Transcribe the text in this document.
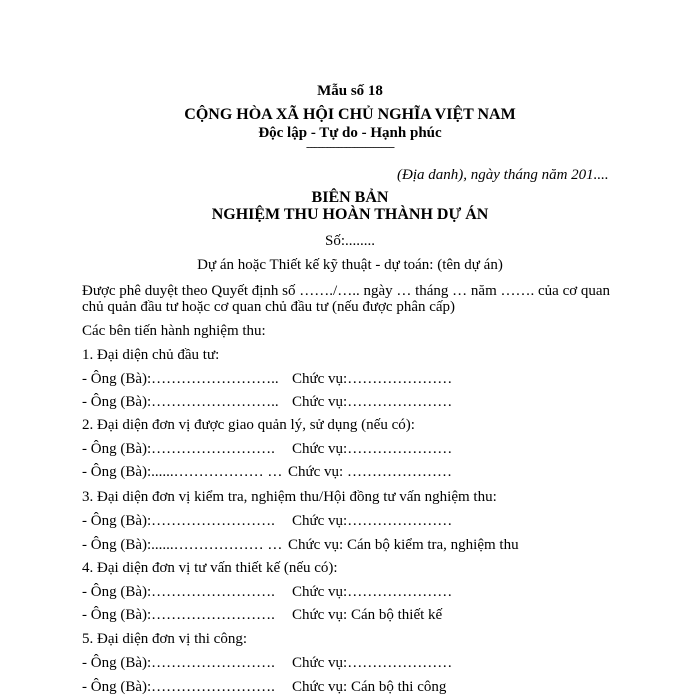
Mẫu số 18
CỘNG HÒA XÃ HỘI CHỦ NGHĨA VIỆT NAM
Độc lập - Tự do - Hạnh phúc
---------------------------------
(Địa danh), ngày tháng năm 201....
BIÊN BẢN
NGHIỆM THU HOÀN THÀNH DỰ ÁN
Số:........
Dự án hoặc Thiết kế kỹ thuật - dự toán: (tên dự án)
Được phê duyệt theo Quyết định số ……./….. ngày … tháng … năm ……. của cơ quan
chủ quản đầu tư hoặc cơ quan chủ đầu tư (nếu được phân cấp)
Các bên tiến hành nghiệm thu:
1. Đại diện chủ đầu tư:
- Ông (Bà):…………………….. Chức vụ:…………………
- Ông (Bà):…………………….. Chức vụ:…………………
2. Đại diện đơn vị được giao quản lý, sử dụng (nếu có):
- Ông (Bà):……………………. Chức vụ:…………………
- Ông (Bà):......……………… … Chức vụ: …………………
3. Đại diện đơn vị kiểm tra, nghiệm thu/Hội đồng tư vấn nghiệm thu:
- Ông (Bà):……………………. Chức vụ:…………………
- Ông (Bà):......……………… … Chức vụ: Cán bộ kiểm tra, nghiệm thu
4. Đại diện đơn vị tư vấn thiết kế (nếu có):
- Ông (Bà):……………………. Chức vụ:…………………
- Ông (Bà):……………………. Chức vụ: Cán bộ thiết kế
5. Đại diện đơn vị thi công:
- Ông (Bà):……………………. Chức vụ:…………………
- Ông (Bà):……………………. Chức vụ: Cán bộ thi công
